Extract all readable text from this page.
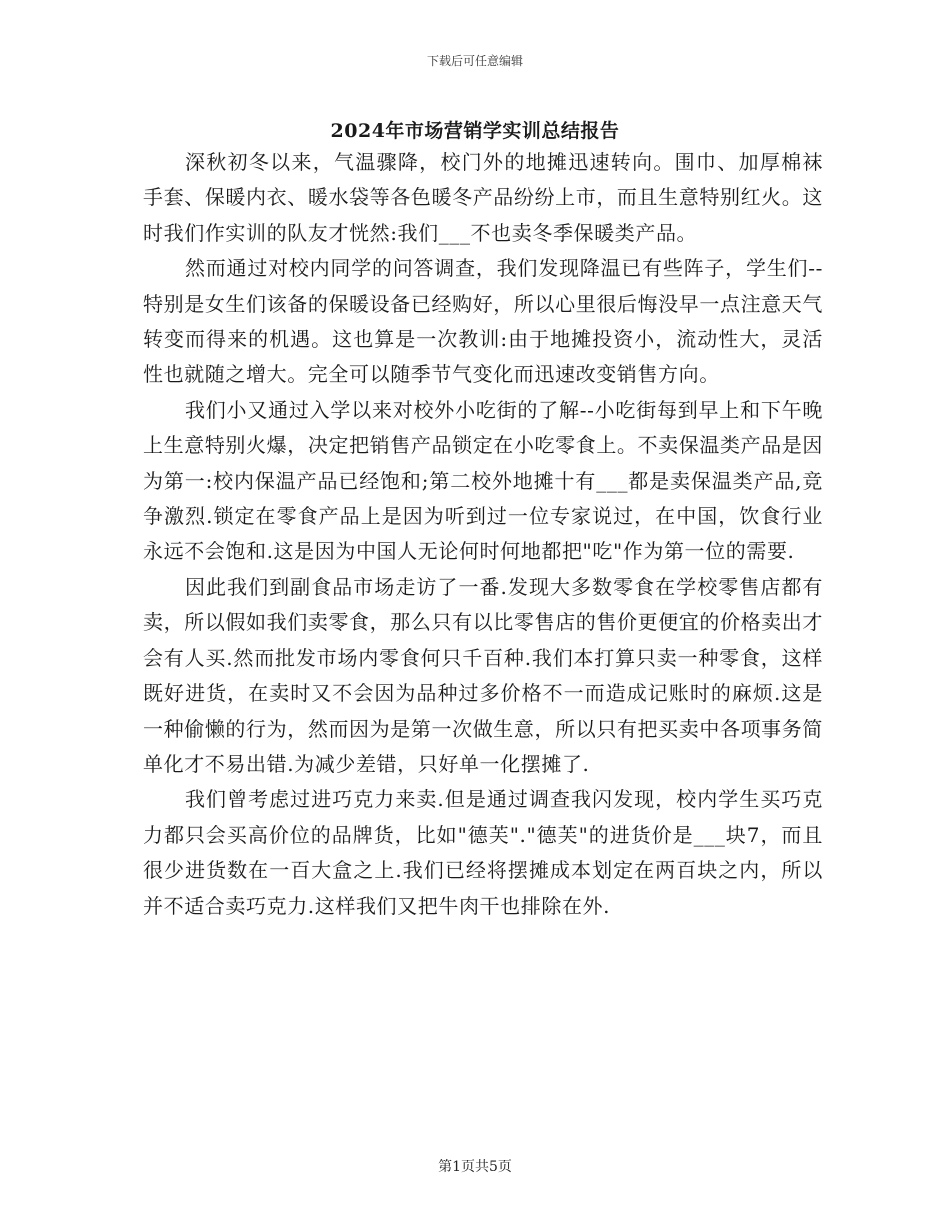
下载后可任意编辑
2024年市场营销学实训总结报告

深秋初冬以来，气温骤降，校门外的地摊迅速转向。围巾、加厚棉袜手套、保暖内衣、暖水袋等各色暖冬产品纷纷上市，而且生意特别红火。这时我们作实训的队友才恍然:我们___不也卖冬季保暖类产品。

然而通过对校内同学的问答调查，我们发现降温已有些阵子，学生们--特别是女生们该备的保暖设备已经购好，所以心里很后悔没早一点注意天气转变而得来的机遇。这也算是一次教训:由于地摊投资小，流动性大，灵活性也就随之增大。完全可以随季节气变化而迅速改变销售方向。

我们小又通过入学以来对校外小吃街的了解--小吃街每到早上和下午晚上生意特别火爆，决定把销售产品锁定在小吃零食上。不卖保温类产品是因为第一:校内保温产品已经饱和;第二校外地摊十有___都是卖保温类产品,竞争激烈.锁定在零食产品上是因为听到过一位专家说过，在中国，饮食行业永远不会饱和.这是因为中国人无论何时何地都把"吃"作为第一位的需要.

因此我们到副食品市场走访了一番.发现大多数零食在学校零售店都有卖，所以假如我们卖零食，那么只有以比零售店的售价更便宜的价格卖出才会有人买.然而批发市场内零食何只千百种.我们本打算只卖一种零食，这样既好进货，在卖时又不会因为品种过多价格不一而造成记账时的麻烦.这是一种偷懒的行为，然而因为是第一次做生意，所以只有把买卖中各项事务简单化才不易出错.为减少差错，只好单一化摆摊了.

我们曾考虑过进巧克力来卖.但是通过调查我闪发现，校内学生买巧克力都只会买高价位的品牌货，比如"德芙"."德芙"的进货价是___块7，而且很少进货数在一百大盒之上.我们已经将摆摊成本划定在两百块之内，所以并不适合卖巧克力.这样我们又把牛肉干也排除在外.

第1页共5页
